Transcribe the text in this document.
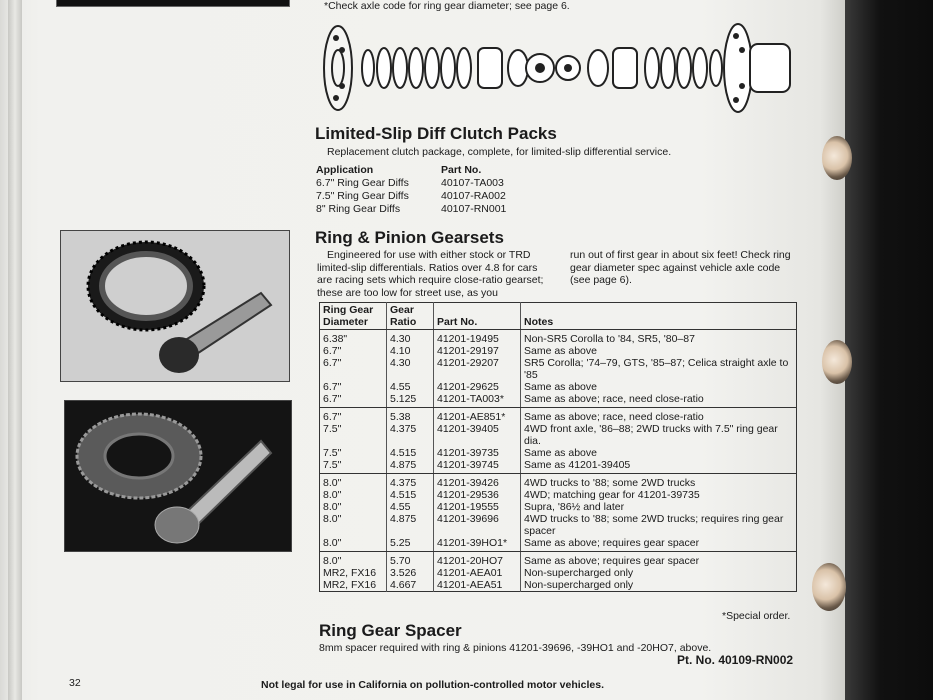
*Check axle code for ring gear diameter; see page 6.
Limited-Slip Diff Clutch Packs
Replacement clutch package, complete, for limited-slip differential service.
Application	Part No.
6.7" Ring Gear Diffs	40107-TA003
7.5" Ring Gear Diffs	40107-RA002
8" Ring Gear Diffs	40107-RN001
Ring & Pinion Gearsets
Engineered for use with either stock or TRD limited-slip differentials. Ratios over 4.8 for cars are racing sets which require close-ratio gearset; these are too low for street use, as you
run out of first gear in about six feet! Check ring gear diameter spec against vehicle axle code (see page 6).
Ring Gear Diameter	Gear Ratio	Part No.	Notes
6.38"	4.30	41201-19495	Non-SR5 Corolla to '84, SR5, '80–87
6.7"	4.10	41201-29197	Same as above
6.7"	4.30	41201-29207	SR5 Corolla; '74–79, GTS, '85–87; Celica straight axle to '85
6.7"	4.55	41201-29625	Same as above
6.7"	5.125	41201-TA003*	Same as above; race, need close-ratio
6.7"	5.38	41201-AE851*	Same as above; race, need close-ratio
7.5"	4.375	41201-39405	4WD front axle, '86–88; 2WD trucks with 7.5" ring gear dia.
7.5"	4.515	41201-39735	Same as above
7.5"	4.875	41201-39745	Same as 41201-39405
8.0"	4.375	41201-39426	4WD trucks to '88; some 2WD trucks
8.0"	4.515	41201-29536	4WD; matching gear for 41201-39735
8.0"	4.55	41201-19555	Supra, '86½ and later
8.0"	4.875	41201-39696	4WD trucks to '88; some 2WD trucks; requires ring gear spacer
8.0"	5.25	41201-39HO1*	Same as above; requires gear spacer
8.0"	5.70	41201-20HO7	Same as above; requires gear spacer
MR2, FX16	3.526	41201-AEA01	Non-supercharged only
MR2, FX16	4.667	41201-AEA51	Non-supercharged only
*Special order.
Ring Gear Spacer
8mm spacer required with ring & pinions 41201-39696, -39HO1 and -20HO7, above.
Pt. No. 40109-RN002
32	Not legal for use in California on pollution-controlled motor vehicles.
